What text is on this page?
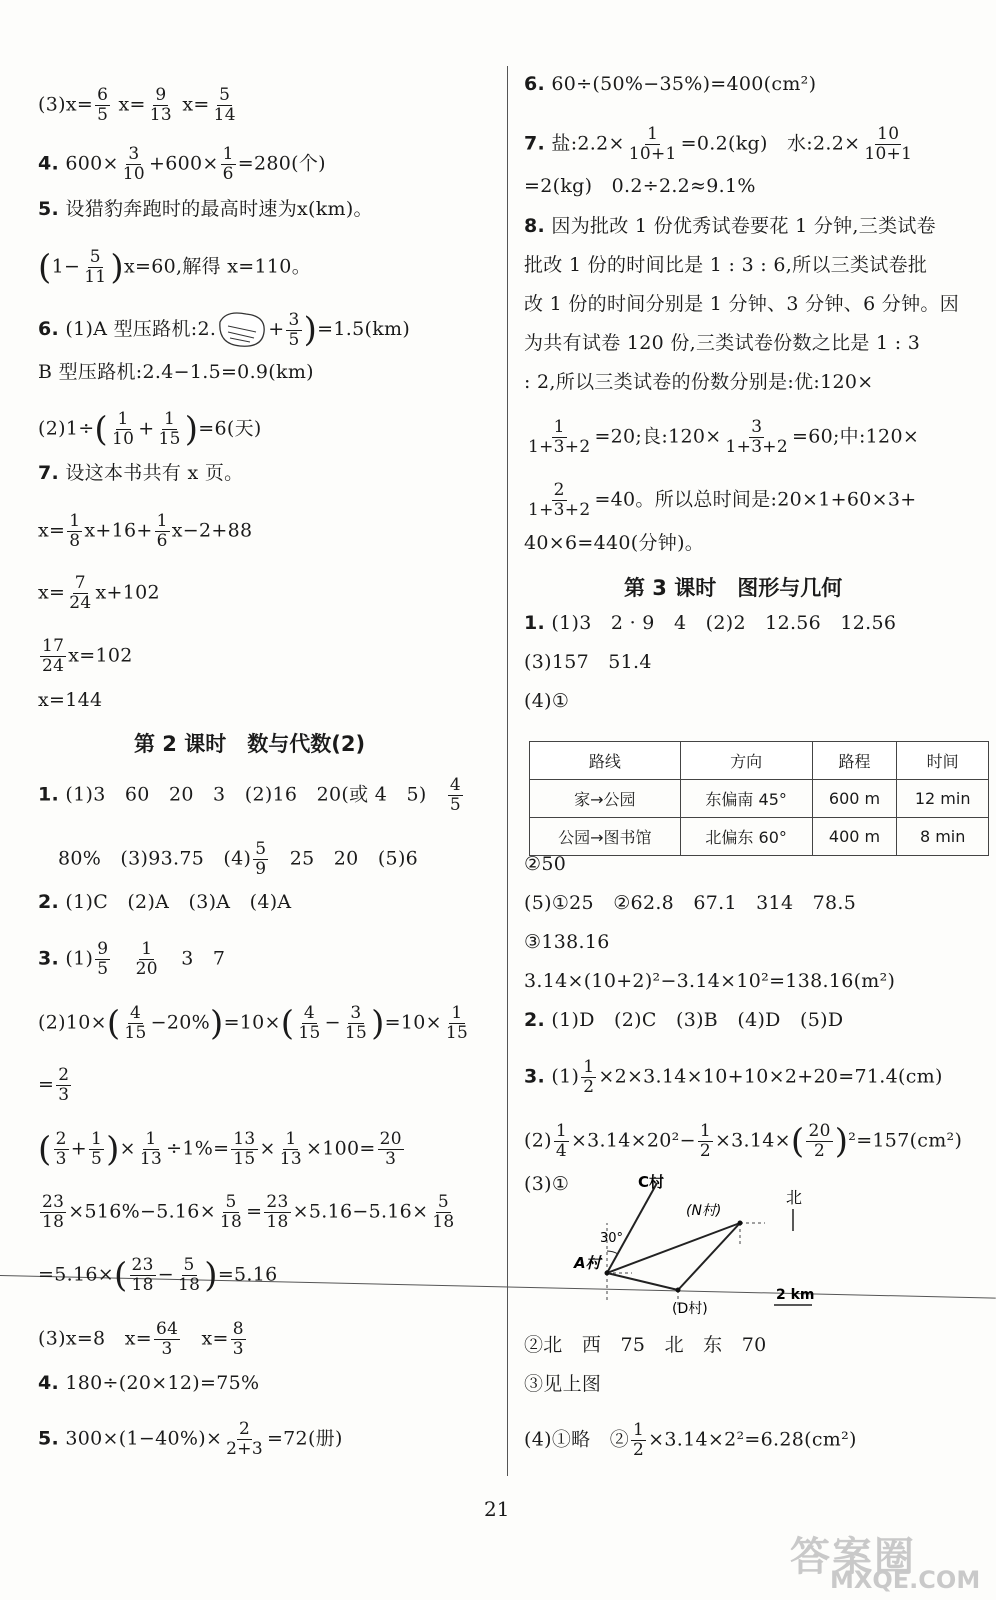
$(3)x= \frac{6}{5} x= \frac{9}{13} x= \frac{5}{14}$
4. $600\times \frac{3}{10} +600\times \frac{1}{6} =280$(个)
5. 设猎豹奔跑时的最高时速为x(km)。
$(1- \frac{5}{11} )x=60$,解得 x=110。
6. (1)A 型压路机:2.	+ $\frac{3}{5} )=1.5(km)$
B 型压路机:2.4−1.5=0.9(km)
$(2)1\div( \frac{1}{10} + \frac{1}{15} )=6$(天)
7. 设这本书共有 x 页。
$x= \frac{1}{8} x+16+ \frac{1}{6} x-2+88$
$x= \frac{7}{24} x+102$
$\frac{17}{24} x=102$
x=144
第 2 课时　数与代数(2)
1. (1)3　60　20　3　(2)16　20(或 4　5)　 $\frac{4}{5}$
80%　(3)93.75　$(4) \frac{5}{9}$ 　25　20　(5)6
2. (1)C　(2)A　(3)A　(4)A
3. $(1) \frac{9}{5}$
　 $\frac{1}{20}$ 　3　7
$(2)10\times( \frac{4}{15} -20\%)=10\times( \frac{4}{15} - \frac{3}{15} )=10\times \frac{1}{15}$
= $\frac{2}{3}$
( $\frac{2}{3} + \frac{1}{5}$ )× $\frac{1}{13} \div 1\%= \frac{13}{15} \times \frac{1}{13} \times 100= \frac{20}{3}$
$\frac{23}{18} \times 516\%-5.16\times \frac{5}{18} = \frac{23}{18} \times 5.16-5.16\times \frac{5}{18}$
$=5.16\times( \frac{23}{18} - \frac{5}{18} )=5.16$
(3)x=8　$x= \frac{64}{3}$ 　$x= \frac{8}{3}$
4. 180÷(20×12)=75%
5. $300\times(1-40\%)\times \frac{2}{2+3} =72$(册)
6. 60÷(50%−35%)=400(cm²)
7. 盐:2.2× $\frac{1}{10+1} =0.2(kg)$　水:2.2× $\frac{10}{10+1}$
=2(kg)　0.2÷2.2≈9.1%
8. 因为批改 1 份优秀试卷要花 1 分钟,三类试卷
批改 1 份的时间比是 1 : 3 : 6,所以三类试卷批
改 1 份的时间分别是 1 分钟、3 分钟、6 分钟。因
为共有试卷 120 份,三类试卷份数之比是 1 : 3
: 2,所以三类试卷的份数分别是:优:120×
$\frac{1}{1+3+2} =20$;良:120× $\frac{3}{1+3+2} =60$;中:120×
$\frac{2}{1+3+2} =40$。所以总时间是:20×1+60×3+
40×6=440(分钟)。
第 3 课时　图形与几何
1. (1)3　2 · 9　4　(2)2　12.56　12.56
(3)157　51.4
(4)①
路线	方向	路程	时间
家→公园	东偏南 45°	600 m	12 min
公园→图书馆	北偏东 60°	400 m	8 min
②50
(5)①25　②62.8　67.1　314　78.5
③138.16
3.14×(10+2)²−3.14×10²=138.16(m²)
2. (1)D　(2)C　(3)B　(4)D　(5)D
3. $(1) \frac{1}{2} \times 2\times 3.14\times 10+10\times 2+20=71.4(cm)$
$(2) \frac{1}{4} \times 3.14\times 20^2- \frac{1}{2} \times 3.14\times( \frac{20}{2} )^2=157(cm^2)$
(3)①	C村
(N村)
30°
A村
(D村)
北
2 km
②北　西　75　北　东　70
③见上图
(4)①略　② $\frac{1}{2} \times 3.14\times 2^2=6.28(cm^2)$
21
答案圈
MXQE.COM
